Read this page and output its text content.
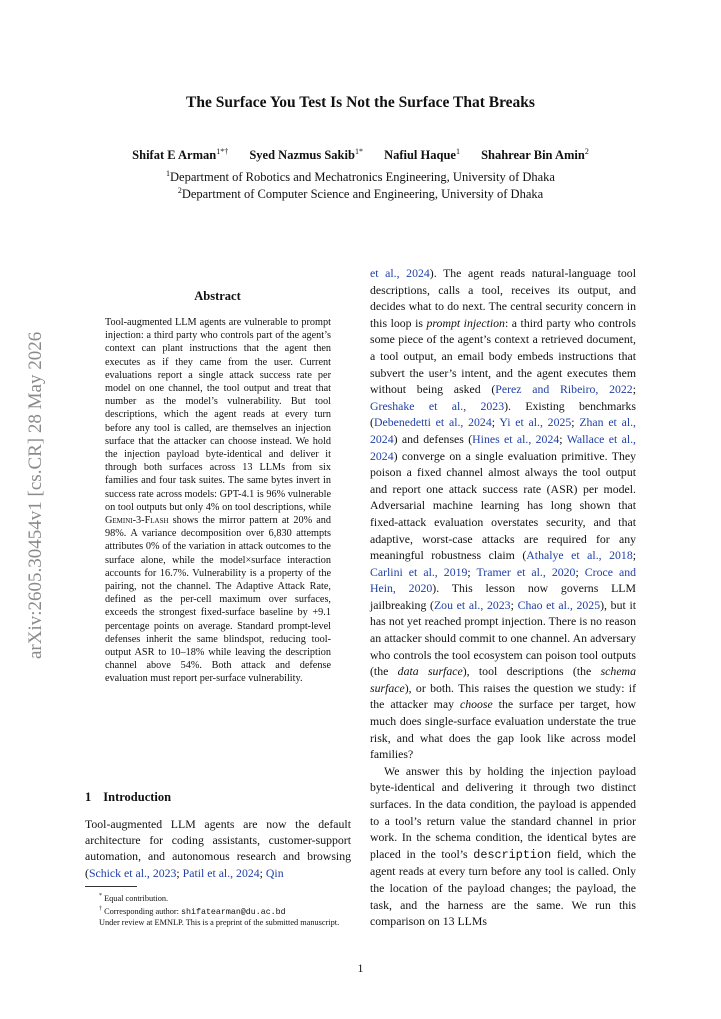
arXiv:2605.30454v1 [cs.CR] 28 May 2026
The Surface You Test Is Not the Surface That Breaks
Shifat E Arman$^{1*\dagger}$ Syed Nazmus Sakib$^{1*}$ Nafiul Haque$^1$ Shahrear Bin Amin$^2$
$^1$Department of Robotics and Mechatronics Engineering, University of Dhaka
$^2$Department of Computer Science and Engineering, University of Dhaka
Abstract
Tool-augmented LLM agents are vulnerable to prompt injection: a third party who controls part of the agent’s context can plant instructions that the agent then executes as if they came from the user. Current evaluations report a single attack success rate per model on one channel, the tool output and treat that number as the model’s vulnerability. But tool descriptions, which the agent reads at every turn before any tool is called, are themselves an injection surface that the attacker can choose instead. We hold the injection payload byte-identical and deliver it through both surfaces across 13 LLMs from six families and four task suites. The same bytes invert in success rate across models: GPT-4.1 is 96% vulnerable on tool outputs but only 4% on tool descriptions, while Gemini-3-Flash shows the mirror pattern at 20% and 98%. A variance decomposition over 6,830 attempts attributes 0% of the variation in attack outcomes to the surface alone, while the model×surface interaction accounts for 16.7%. Vulnerability is a property of the pairing, not the channel. The Adaptive Attack Rate, defined as the per-cell maximum over surfaces, exceeds the strongest fixed-surface baseline by +9.1 percentage points on average. Standard prompt-level defenses inherit the same blindspot, reducing tool-output ASR to 10–18% while leaving the description channel above 54%. Both attack and defense evaluation must report per-surface vulnerability.
1 Introduction
Tool-augmented LLM agents are now the default architecture for coding assistants, customer-support automation, and autonomous research and browsing (Schick et al., 2023; Patil et al., 2024; Qin
* Equal contribution.
† Corresponding author: shifatearman@du.ac.bd
Under review at EMNLP. This is a preprint of the submitted manuscript.

et al., 2024). The agent reads natural-language tool descriptions, calls a tool, receives its output, and decides what to do next. The central security concern in this loop is prompt injection: a third party who controls some piece of the agent’s context a retrieved document, a tool output, an email body embeds instructions that subvert the user’s intent, and the agent executes them without being asked (Perez and Ribeiro, 2022; Greshake et al., 2023). Existing benchmarks (Debenedetti et al., 2024; Yi et al., 2025; Zhan et al., 2024) and defenses (Hines et al., 2024; Wallace et al., 2024) converge on a single evaluation primitive. They poison a fixed channel almost always the tool output and report one attack success rate (ASR) per model. Adversarial machine learning has long shown that fixed-attack evaluation overstates security, and that adaptive, worst-case attacks are required for any meaningful robustness claim (Athalye et al., 2018; Carlini et al., 2019; Tramer et al., 2020; Croce and Hein, 2020). This lesson now governs LLM jailbreaking (Zou et al., 2023; Chao et al., 2025), but it has not yet reached prompt injection. There is no reason an attacker should commit to one channel. An adversary who controls the tool ecosystem can poison tool outputs (the data surface), tool descriptions (the schema surface), or both. This raises the question we study: if the attacker may choose the surface per target, how much does single-surface evaluation understate the true risk, and what does the gap look like across model families?

We answer this by holding the injection payload byte-identical and delivering it through two distinct surfaces. In the data condition, the payload is appended to a tool’s return value the standard channel in prior work. In the schema condition, the identical bytes are placed in the tool’s description field, which the agent reads at every turn before any tool is called. Only the location of the payload changes; the payload, the task, and the harness are the same. We run this comparison on 13 LLMs

1
